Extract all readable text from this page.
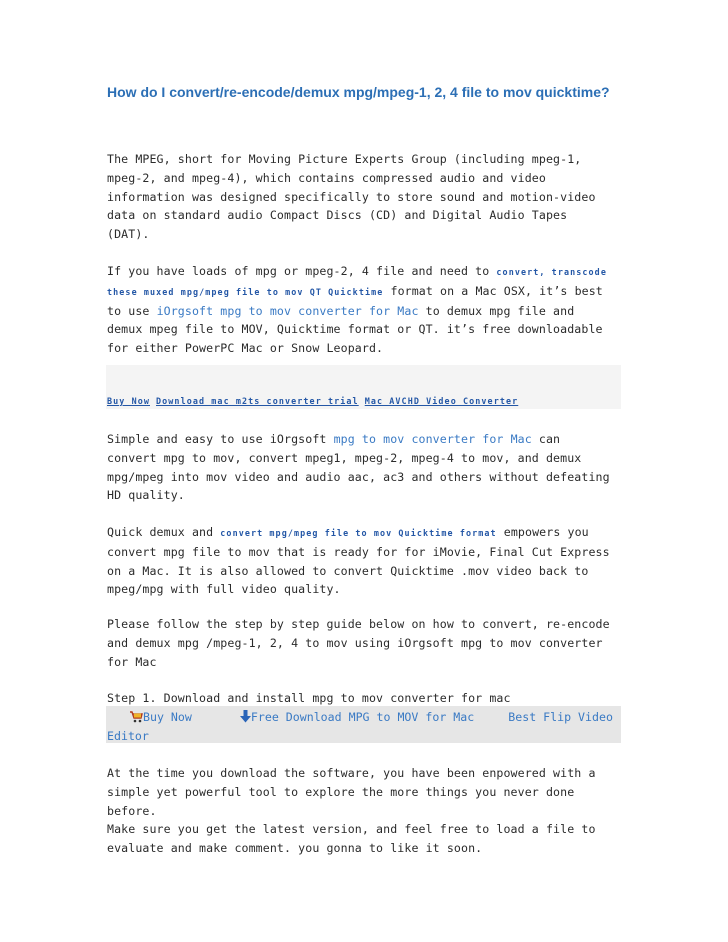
How do I convert/re-encode/demux mpg/mpeg-1, 2, 4 file to mov quicktime?
The MPEG, short for Moving Picture Experts Group (including mpeg-1,
mpeg-2, and mpeg-4), which contains compressed audio and video
information was designed specifically to store sound and motion-video
data on standard audio Compact Discs (CD) and Digital Audio Tapes
(DAT).
If you have loads of mpg or mpeg-2, 4 file and need to convert, transcode
these muxed mpg/mpeg file to mov QT Quicktime format on a Mac OSX, it’s best
to use iOrgsoft mpg to mov converter for Mac to demux mpg file and
demux mpeg file to MOV, Quicktime format or QT. it’s free downloadable
for either PowerPC Mac or Snow Leopard.
Buy Now Download mac m2ts converter trial Mac AVCHD Video Converter
Simple and easy to use iOrgsoft mpg to mov converter for Mac can
convert mpg to mov, convert mpeg1, mpeg-2, mpeg-4 to mov, and demux
mpg/mpeg into mov video and audio aac, ac3 and others without defeating
HD quality.
Quick demux and convert mpg/mpeg file to mov Quicktime format empowers you
convert mpg file to mov that is ready for for iMovie, Final Cut Express
on a Mac. It is also allowed to convert Quicktime .mov video back to
mpeg/mpg with full video quality.
Please follow the step by step guide below on how to convert, re-encode
and demux mpg /mpeg-1, 2, 4 to mov using iOrgsoft mpg to mov converter
for Mac
Step 1. Download and install mpg to mov converter for mac
Buy Now	Free Download MPG to MOV for Mac	Best Flip Video
Editor
At the time you download the software, you have been enpowered with a
simple yet powerful tool to explore the more things you never done
before.
Make sure you get the latest version, and feel free to load a file to
evaluate and make comment. you gonna to like it soon.
